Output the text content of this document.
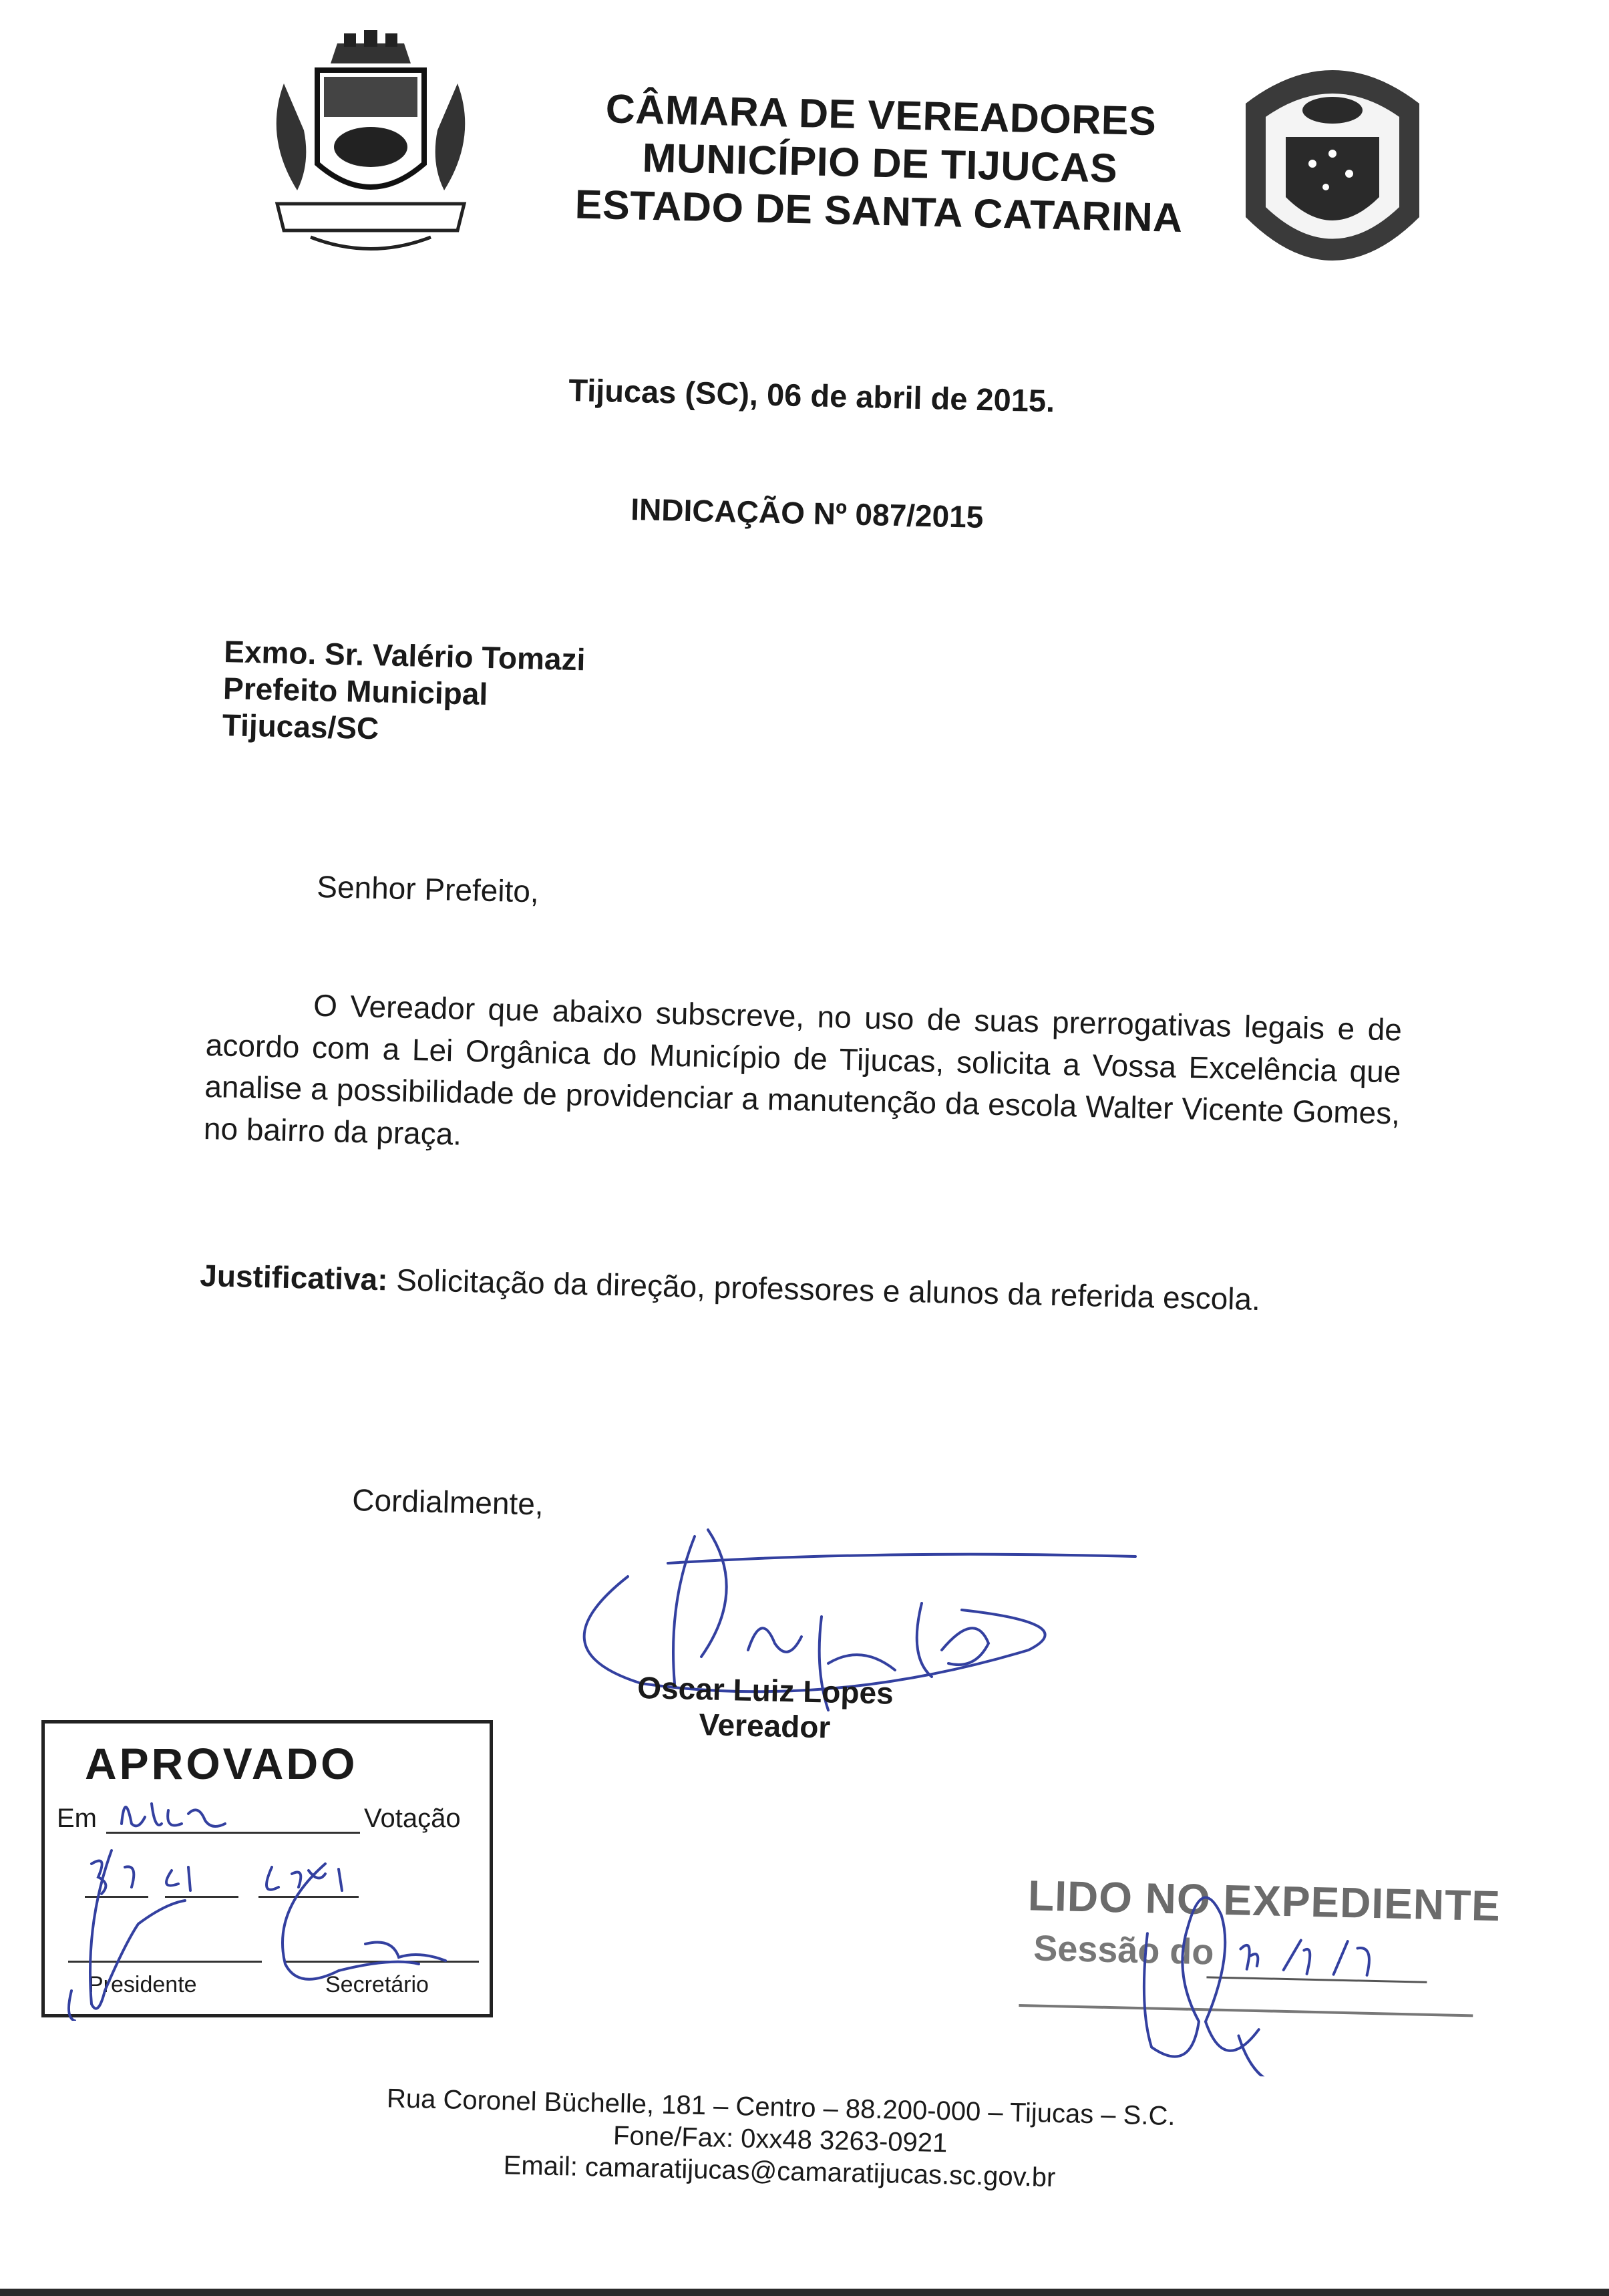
CÂMARA DE VEREADORES
MUNICÍPIO DE TIJUCAS
ESTADO DE SANTA CATARINA
Tijucas (SC), 06 de abril de 2015.
INDICAÇÃO Nº 087/2015
Exmo. Sr. Valério Tomazi
Prefeito Municipal
Tijucas/SC
Senhor Prefeito,
O Vereador que abaixo subscreve, no uso de suas prerrogativas legais e de acordo com a Lei Orgânica do Município de Tijucas, solicita a Vossa Excelência que analise a possibilidade de providenciar a manutenção da escola Walter Vicente Gomes, no bairro da praça.
Justificativa: Solicitação da direção, professores e alunos da referida escola.
Cordialmente,
Oscar Luiz Lopes
Vereador
APROVADO
Em	Votação
Presidente	Secretário
LIDO NO EXPEDIENTE
Sessão do
Rua Coronel Büchelle, 181 – Centro – 88.200-000 – Tijucas – S.C.
Fone/Fax: 0xx48 3263-0921
Email: camaratijucas@camaratijucas.sc.gov.br
